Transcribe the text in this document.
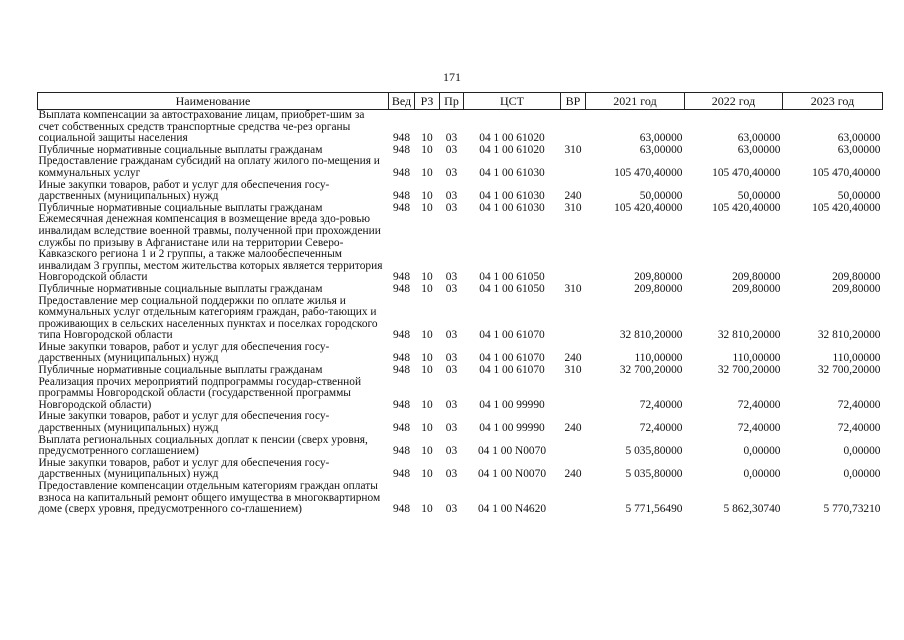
171
Наименование	Вед	РЗ	Пр	ЦСТ	ВР	2021 год	2022 год	2023 год
Выплата компенсации за автострахование лицам, приобрет-шим за счет собственных средств транспортные средства че-рез органы социальной защиты населения	948	10	03	04 1 00 61020		63,00000	63,00000	63,00000
Публичные нормативные социальные выплаты гражданам	948	10	03	04 1 00 61020	310	63,00000	63,00000	63,00000
Предоставление гражданам субсидий на оплату жилого по-мещения и коммунальных услуг	948	10	03	04 1 00 61030		105 470,40000	105 470,40000	105 470,40000
Иные закупки товаров, работ и услуг для обеспечения госу-дарственных (муниципальных) нужд	948	10	03	04 1 00 61030	240	50,00000	50,00000	50,00000
Публичные нормативные социальные выплаты гражданам	948	10	03	04 1 00 61030	310	105 420,40000	105 420,40000	105 420,40000
Ежемесячная денежная компенсация в возмещение вреда здо-ровью инвалидам вследствие военной травмы, полученной при прохождении службы по призыву в Афганистане или на территории Северо-Кавказского региона 1 и 2 группы, а также малообеспеченным инвалидам 3 группы, местом жительства которых является территория Новгородской области	948	10	03	04 1 00 61050		209,80000	209,80000	209,80000
Публичные нормативные социальные выплаты гражданам	948	10	03	04 1 00 61050	310	209,80000	209,80000	209,80000
Предоставление мер социальной поддержки по оплате жилья и коммунальных услуг отдельным категориям граждан, рабо-тающих и проживающих в сельских населенных пунктах и поселках городского типа Новгородской области	948	10	03	04 1 00 61070		32 810,20000	32 810,20000	32 810,20000
Иные закупки товаров, работ и услуг для обеспечения госу-дарственных (муниципальных) нужд	948	10	03	04 1 00 61070	240	110,00000	110,00000	110,00000
Публичные нормативные социальные выплаты гражданам	948	10	03	04 1 00 61070	310	32 700,20000	32 700,20000	32 700,20000
Реализация прочих мероприятий подпрограммы государ-ственной программы Новгородской области (государственной программы Новгородской области)	948	10	03	04 1 00 99990		72,40000	72,40000	72,40000
Иные закупки товаров, работ и услуг для обеспечения госу-дарственных (муниципальных) нужд	948	10	03	04 1 00 99990	240	72,40000	72,40000	72,40000
Выплата региональных социальных доплат к пенсии (сверх уровня, предусмотренного соглашением)	948	10	03	04 1 00 N0070		5 035,80000	0,00000	0,00000
Иные закупки товаров, работ и услуг для обеспечения госу-дарственных (муниципальных) нужд	948	10	03	04 1 00 N0070	240	5 035,80000	0,00000	0,00000
Предоставление компенсации отдельным категориям граждан оплаты взноса на капитальный ремонт общего имущества в многоквартирном доме (сверх уровня, предусмотренного со-глашением)	948	10	03	04 1 00 N4620		5 771,56490	5 862,30740	5 770,73210
